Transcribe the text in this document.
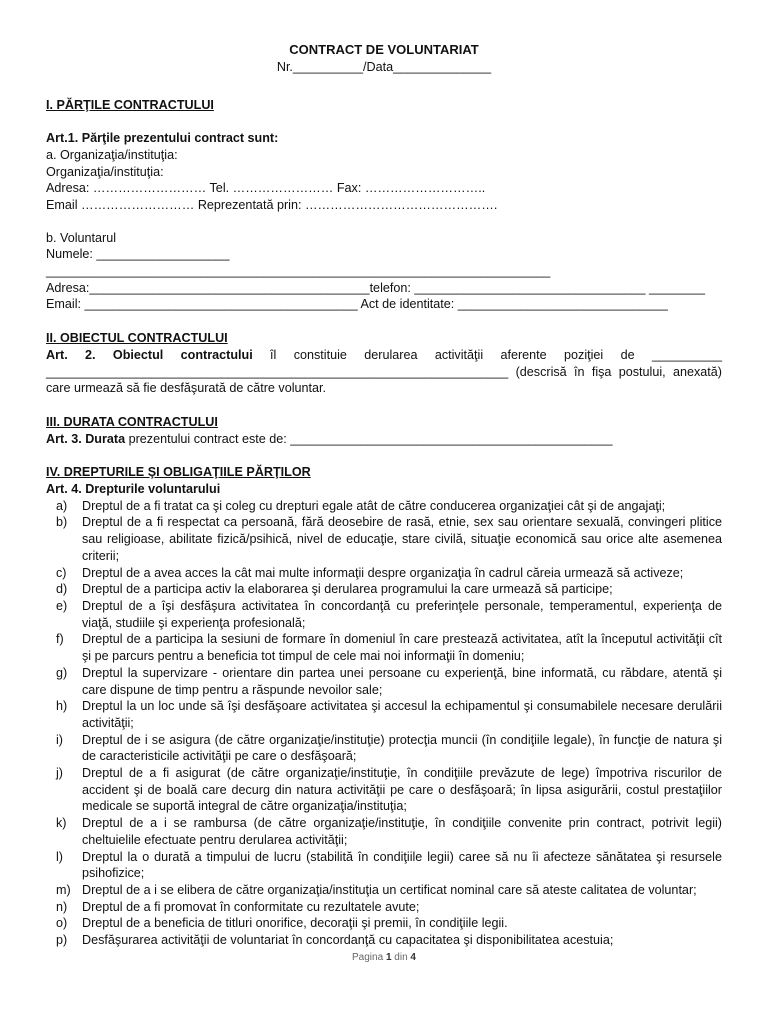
CONTRACT DE VOLUNTARIAT
Nr.__________/Data______________
I. PĂRŢILE CONTRACTULUI
Art.1. Părţile prezentului contract sunt:
a. Organizaţia/instituţia:
Organizaţia/instituţia:
Adresa: ……………………… Tel. …………………… Fax: ………………………..
Email ……………………… Reprezentată prin: ……………………………………….
b. Voluntarul
Numele: ___________________ ________________________________________________________________________
Adresa:________________________________________telefon: _________________________________ ________
Email: _______________________________________ Act de identitate: ______________________________
II. OBIECTUL CONTRACTULUI
Art. 2. Obiectul contractului îl constituie derularea activităţii aferente poziţiei de __________ __________________________________________________________________ (descrisă în fişa postului, anexată) care urmează să fie desfăşurată de către voluntar.
III. DURATA CONTRACTULUI
Art. 3. Durata prezentului contract este de: ______________________________________________
IV. DREPTURILE ŞI OBLIGAŢIILE PĂRŢILOR
Art. 4. Drepturile voluntarului
a)	Dreptul de a fi tratat ca şi coleg cu drepturi egale atât de către conducerea organizaţiei cât şi de angajaţi;
b)	Dreptul de a fi respectat ca persoană, fără deosebire de rasă, etnie, sex sau orientare sexuală, convingeri plitice sau religioase, abilitate fizică/psihică, nivel de educaţie, stare civilă, situaţie economică sau orice alte asemenea criterii;
c)	Dreptul de a avea acces la cât mai multe informaţii despre organizaţia în cadrul căreia urmează să activeze;
d)	Dreptul de a participa activ la elaborarea şi derularea programului la care urmează să participe;
e)	Dreptul de a îşi desfăşura activitatea în concordanţă cu preferinţele personale, temperamentul, experienţa de viaţă, studiile şi experienţa profesională;
f)	Dreptul de a participa la sesiuni de formare în domeniul în care prestează activitatea, atît la începutul activităţii cît şi pe parcurs pentru a beneficia tot timpul de cele mai noi informaţii în domeniu;
g)	Dreptul la supervizare - orientare din partea unei persoane cu experienţă, bine informată, cu răbdare, atentă şi care dispune de timp pentru a răspunde nevoilor sale;
h)	Dreptul la un loc unde să îşi desfăşoare activitatea şi accesul la echipamentul şi consumabilele necesare derulării activităţii;
i)	Dreptul de i se asigura (de către organizaţie/instituţie) protecţia muncii (în condiţiile legale), în funcţie de natura şi de caracteristicile activităţii pe care o desfăşoară;
j)	Dreptul de a fi asigurat (de către organizaţie/instituţie, în condiţiile prevăzute de lege) împotriva riscurilor de accident şi de boală care decurg din natura activităţii pe care o desfăşoară; în lipsa asigurării, costul prestaţiilor medicale se suportă integral de către organizaţia/instituţia;
k)	Dreptul de a i se rambursa (de către organizaţie/instituţie, în condiţiile convenite prin contract, potrivit legii) cheltuielile efectuate pentru derularea activităţii;
l)	Dreptul la o durată a timpului de lucru (stabilită în condiţiile legii) caree să nu îi afecteze sănătatea şi resursele psihofizice;
m) Dreptul de a i se elibera de către organizaţia/instituţia un certificat nominal care să ateste calitatea de voluntar;
n)	Dreptul de a fi promovat în conformitate cu rezultatele avute;
o)	Dreptul de a beneficia de titluri onorifice, decoraţii şi premii, în condiţiile legii.
p)	Desfăşurarea activităţii de voluntariat în concordanţă cu capacitatea şi disponibilitatea acestuia;
Pagina 1 din 4
